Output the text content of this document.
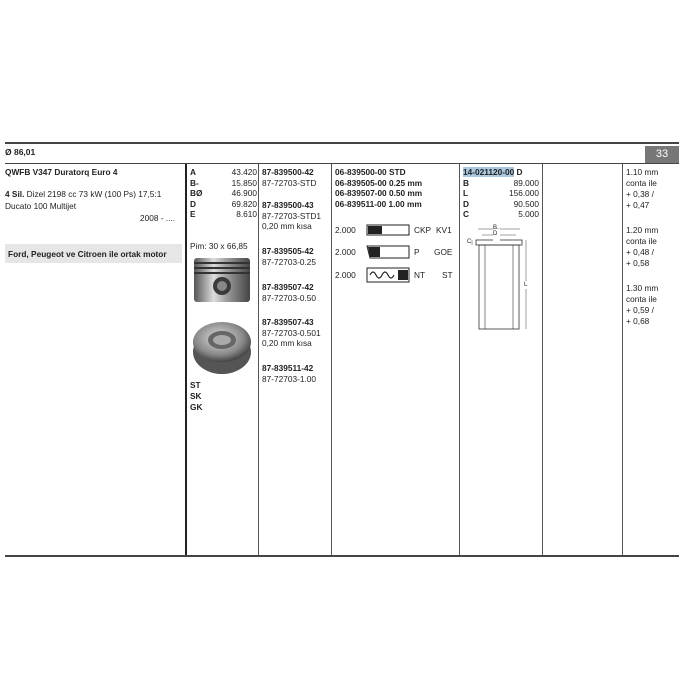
Ø 86,01	33
QWFB V347 Duratorq Euro 4
4 Sil. Dizel 2198 cc 73 kW (100 Ps) 17,5:1
Ducato 100 Multijet
2008 - ....
Ford, Peugeot ve Citroen ile ortak motor
A	43.420
B-	15.850
BØ	46.900
D	69.820
E	8.610
Pim: 30 x 66,85
ST
SK
GK
87-839500-42
87-72703-STD
87-839500-43
87-72703-STD1
0,20 mm kısa
87-839505-42
87-72703-0.25
87-839507-42
87-72703-0.50
87-839507-43
87-72703-0.501
0,20 mm kısa
87-839511-42
87-72703-1.00
06-839500-00 STD
06-839505-00 0.25 mm
06-839507-00 0.50 mm
06-839511-00 1.00 mm
2.000	CKP KV1
2.000	P GOE
2.000	NT ST
14-021120-00 D
B	89.000
L	156.000
D	90.500
C	5.000
B
D
C
L
1.10 mm
conta ile
+ 0,38 /
+ 0,47
1.20 mm
conta ile
+ 0,48 /
+ 0,58
1.30 mm
conta ile
+ 0,59 /
+ 0,68
